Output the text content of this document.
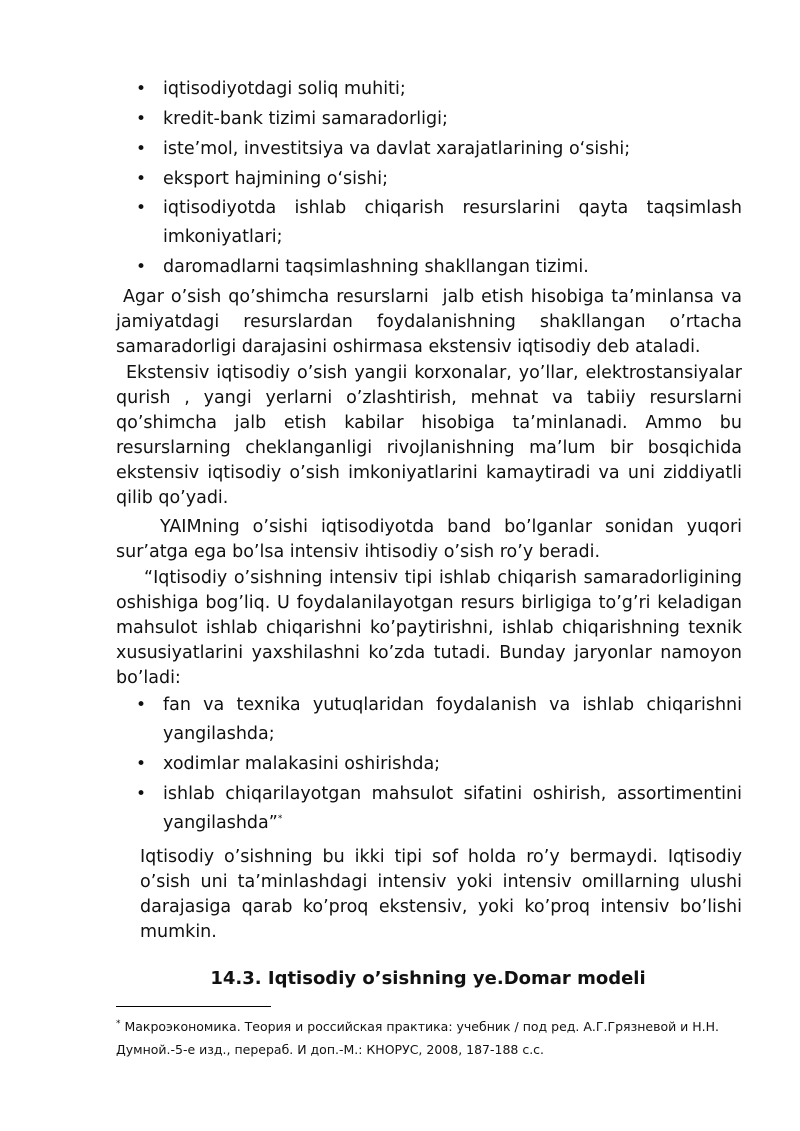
• iqtisodiyotdagi soliq muhiti;
• kredit-bank tizimi samaradorligi;
• iste’mol, investitsiya va davlat xarajatlarining o‘sishi;
• eksport hajmining o‘sishi;
• iqtisodiyotda ishlab chiqarish resurslarini qayta taqsimlash
imkoniyatlari;
• daromadlarni taqsimlashning shakllangan tizimi.
Agar o’sish qo’shimcha resurslarni  jalb etish hisobiga ta’minlansa va
jamiyatdagi resurslardan foydalanishning shakllangan o’rtacha
samaradorligi darajasini oshirmasa ekstensiv iqtisodiy deb ataladi.
Ekstensiv iqtisodiy o’sish yangii korxonalar, yo’llar, elektrostansiyalar
qurish , yangi yerlarni o’zlashtirish, mehnat va tabiiy resurslarni
qo’shimcha jalb etish kabilar hisobiga ta’minlanadi. Ammo bu
resurslarning cheklanganligi rivojlanishning ma’lum bir bosqichida
ekstensiv iqtisodiy o’sish imkoniyatlarini kamaytiradi va uni ziddiyatli
qilib qo’yadi.
YAIMning o’sishi iqtisodiyotda band bo’lganlar sonidan yuqori
sur’atga ega bo’lsa intensiv ihtisodiy o’sish ro’y beradi.
“Iqtisodiy o’sishning intensiv tipi ishlab chiqarish samaradorligining
oshishiga bog’liq. U foydalanilayotgan resurs birligiga to’g’ri keladigan
mahsulot ishlab chiqarishni ko’paytirishni, ishlab chiqarishning texnik
xususiyatlarini yaxshilashni ko’zda tutadi. Bunday jaryonlar namoyon
bo’ladi:
• fan va texnika yutuqlaridan foydalanish va ishlab chiqarishni
yangilashda;
• xodimlar malakasini oshirishda;
• ishlab chiqarilayotgan mahsulot sifatini oshirish, assortimentini
yangilashda”*
Iqtisodiy o’sishning bu ikki tipi sof holda ro’y bermaydi. Iqtisodiy
o’sish uni ta’minlashdagi intensiv yoki intensiv omillarning ulushi
darajasiga qarab ko’proq ekstensiv, yoki ko’proq intensiv bo’lishi
mumkin.
14.3. Iqtisodiy o’sishning ye.Domar modeli
* Макроэкономика. Теория и российская практика: учебник / под ред. А.Г.Грязневой и Н.Н.
Думной.-5-е изд., перераб. И доп.-М.: КНОРУС, 2008, 187-188 с.с.
